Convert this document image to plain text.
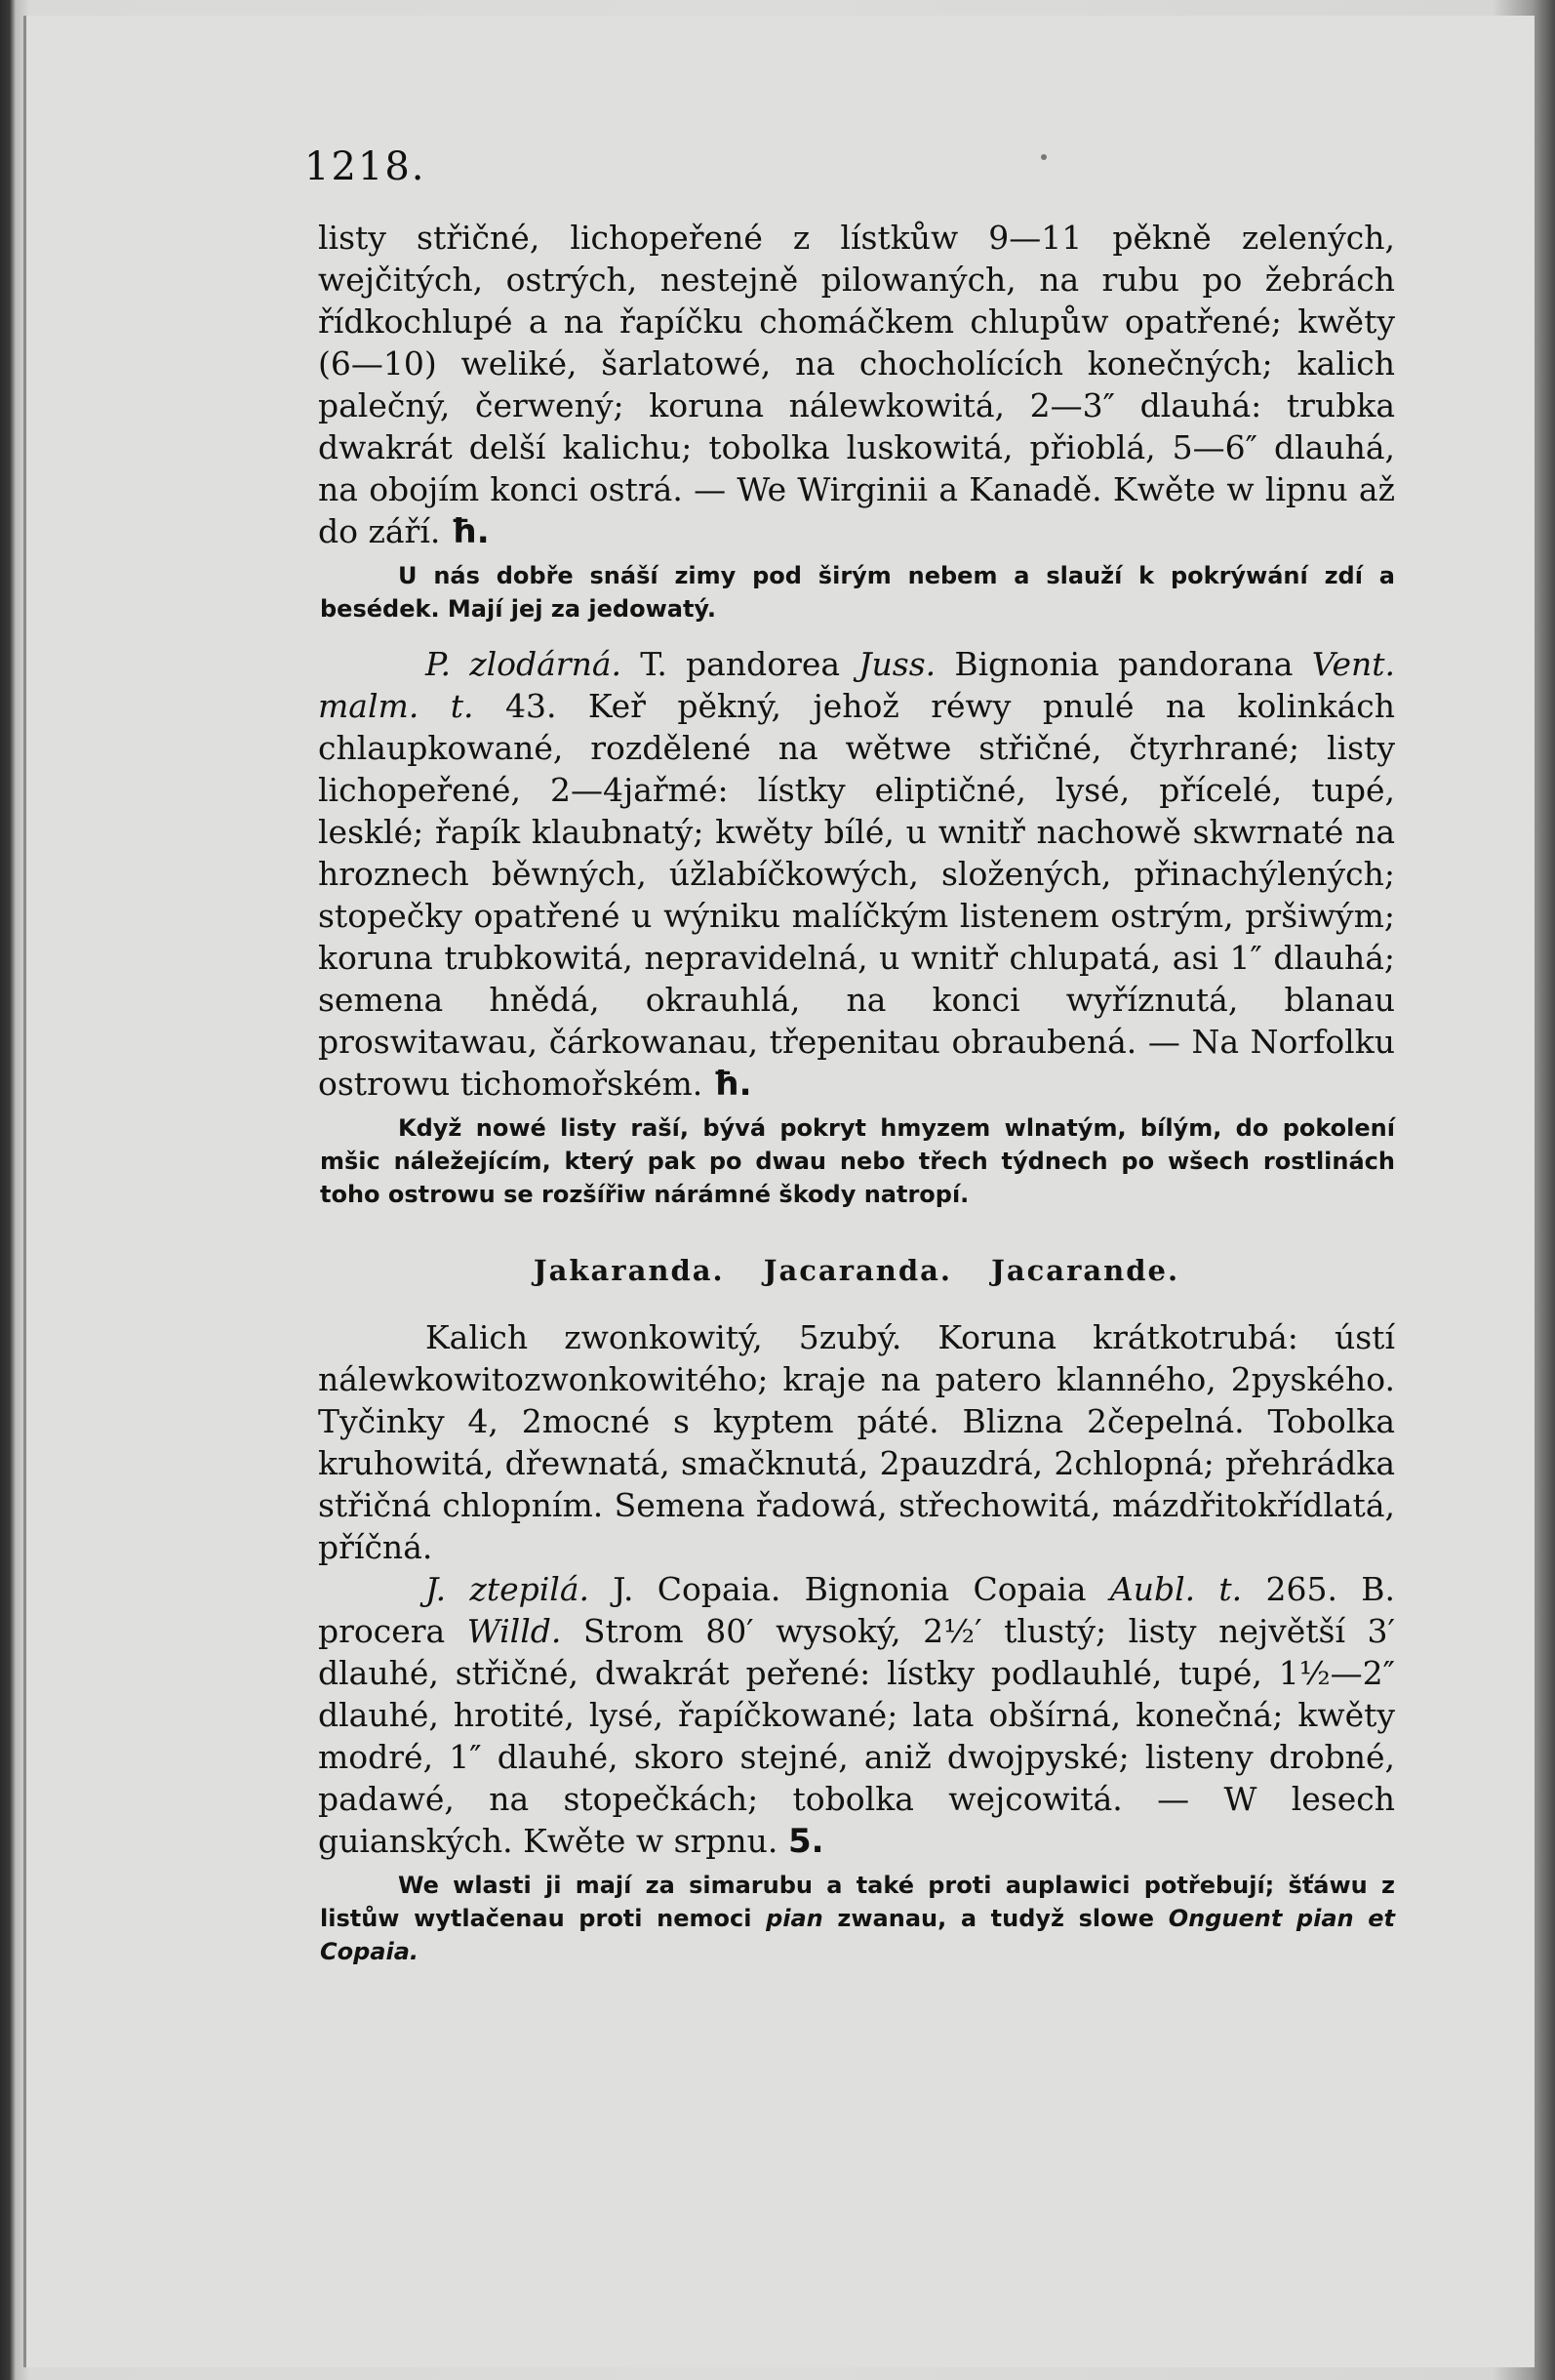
1218.

listy střičné, lichopeřené z lístkůw 9—11 pěkně zelených, wejčitých, ostrých, nestejně pilowaných, na rubu po žebrách řídkochlupé a na řapíčku chomáčkem chlupůw opatřené; kwěty (6—10) weliké, šarlatowé, na chocholících konečných; kalich palečný, čerwený; koruna nálewkowitá, 2—3″ dlauhá: trubka dwakrát delší kalichu; tobolka luskowitá, přioblá, 5—6″ dlauhá, na obojím konci ostrá. — We Wirginii a Kanadě. Kwěte w lipnu až do září. ħ.

U nás dobře snáší zimy pod širým nebem a slauží k pokrýwání zdí a besédek. Mají jej za jedowatý.

P. zlodárná. T. pandorea Juss. Bignonia pandorana Vent. malm. t. 43. Keř pěkný, jehož réwy pnulé na kolinkách chlaupkowané, rozdělené na wětwe střičné, čtyrhrané; listy lichopeřené, 2—4jařmé: lístky eliptičné, lysé, přícelé, tupé, lesklé; řapík klaubnatý; kwěty bílé, u wnitř nachowě skwrnaté na hroznech běwných, úžlabíčkowých, složených, přinachýlených; stopečky opatřené u wýniku malíčkým listenem ostrým, pršiwým; koruna trubkowitá, nepravidelná, u wnitř chlupatá, asi 1″ dlauhá; semena hnědá, okrauhlá, na konci wyříznutá, blanau proswitawau, čárkowanau, třepenitau obraubená. — Na Norfolku ostrowu tichomořském. ħ.

Když nowé listy raší, bývá pokryt hmyzem wlnatým, bílým, do pokolení mšic náležejícím, který pak po dwau nebo třech týdnech po wšech rostlinách toho ostrowu se rozšířiw nárámné škody natropí.

Jakaranda. Jacaranda. Jacarande.

Kalich zwonkowitý, 5zubý. Koruna krátkotrubá: ústí nálewkowitozwonkowitého; kraje na patero klanného, 2pyského. Tyčinky 4, 2mocné s kyptem páté. Blizna 2čepelná. Tobolka kruhowitá, dřewnatá, smačknutá, 2pauzdrá, 2chlopná; přehrádka střičná chlopním. Semena řadowá, střechowitá, mázdřitokřídlatá, příčná.

J. ztepilá. J. Copaia. Bignonia Copaia Aubl. t. 265. B. procera Willd. Strom 80′ wysoký, 2½′ tlustý; listy největší 3′ dlauhé, střičné, dwakrát peřené: lístky podlauhlé, tupé, 1½—2″ dlauhé, hrotité, lysé, řapíčkowané; lata obšírná, konečná; kwěty modré, 1″ dlauhé, skoro stejné, aniž dwojpyské; listeny drobné, padawé, na stopečkách; tobolka wejcowitá. — W lesech guianských. Kwěte w srpnu. 5.

We wlasti ji mají za simarubu a také proti auplawici potřebují; šťáwu z listůw wytlačenau proti nemoci pian zwanau, a tudyž slowe Onguent pian et Copaia.
